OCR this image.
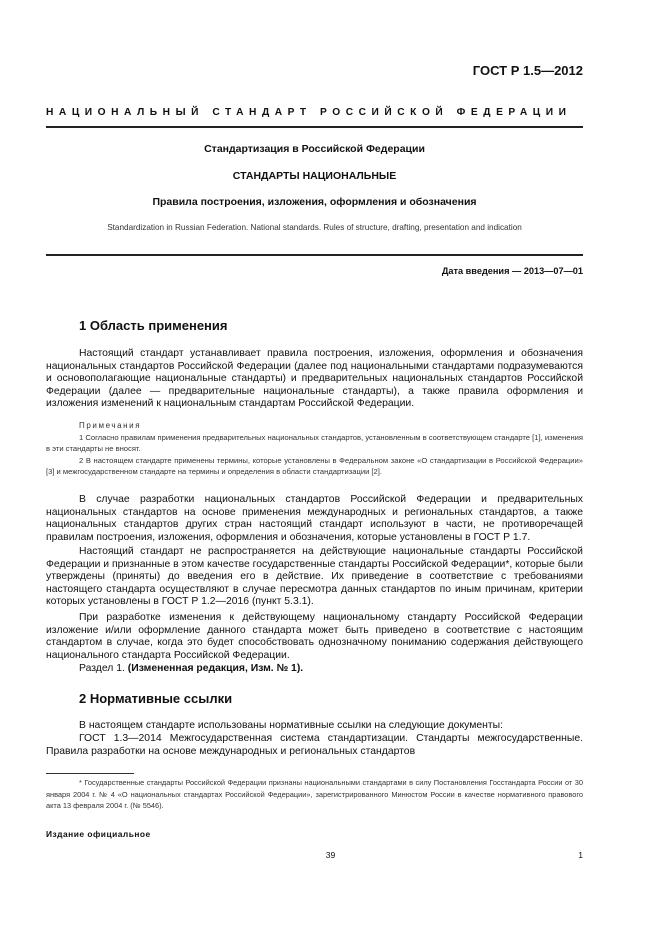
ГОСТ Р 1.5—2012
НАЦИОНАЛЬНЫЙ СТАНДАРТ РОССИЙСКОЙ ФЕДЕРАЦИИ
Стандартизация в Российской Федерации
СТАНДАРТЫ НАЦИОНАЛЬНЫЕ
Правила построения, изложения, оформления и обозначения
Standardization in Russian Federation. National standards. Rules of structure, drafting, presentation and indication
Дата введения — 2013—07—01
1 Область применения

Настоящий стандарт устанавливает правила построения, изложения, оформления и обозначения национальных стандартов Российской Федерации (далее под национальными стандартами подразумеваются и основополагающие национальные стандарты) и предварительных национальных стандартов Российской Федерации (далее — предварительные национальные стандарты), а также правила оформления и изложения изменений к национальным стандартам Российской Федерации.

Примечания

1 Согласно правилам применения предварительных национальных стандартов, установленным в соответствующем стандарте [1], изменения в эти стандарты не вносят.

2 В настоящем стандарте применены термины, которые установлены в Федеральном законе «О стандартизации в Российской Федерации» [3] и межгосударственном стандарте на термины и определения в области стандартизации [2].

В случае разработки национальных стандартов Российской Федерации и предварительных национальных стандартов на основе применения международных и региональных стандартов, а также национальных стандартов других стран настоящий стандарт используют в части, не противоречащей правилам построения, изложения, оформления и обозначения, которые установлены в ГОСТ Р 1.7.

Настоящий стандарт не распространяется на действующие национальные стандарты Российской Федерации и признанные в этом качестве государственные стандарты Российской Федерации*, которые были утверждены (приняты) до введения его в действие. Их приведение в соответствие с требованиями настоящего стандарта осуществляют в случае пересмотра данных стандартов по иным причинам, критерии которых установлены в ГОСТ Р 1.2—2016 (пункт 5.3.1).

При разработке изменения к действующему национальному стандарту Российской Федерации изложение и/или оформление данного стандарта может быть приведено в соответствие с настоящим стандартом в случае, когда это будет способствовать однозначному пониманию содержания действующего национального стандарта Российской Федерации.

Раздел 1. (Измененная редакция, Изм. № 1).

2 Нормативные ссылки

В настоящем стандарте использованы нормативные ссылки на следующие документы:

ГОСТ 1.3—2014 Межгосударственная система стандартизации. Стандарты межгосударственные. Правила разработки на основе международных и региональных стандартов

* Государственные стандарты Российской Федерации признаны национальными стандартами в силу Постановления Госстандарта России от 30 января 2004 г. № 4 «О национальных стандартах Российской Федерации», зарегистрированного Минюстом России в качестве нормативного правового акта 13 февраля 2004 г. (№ 5546).

Издание официальное
39	1
